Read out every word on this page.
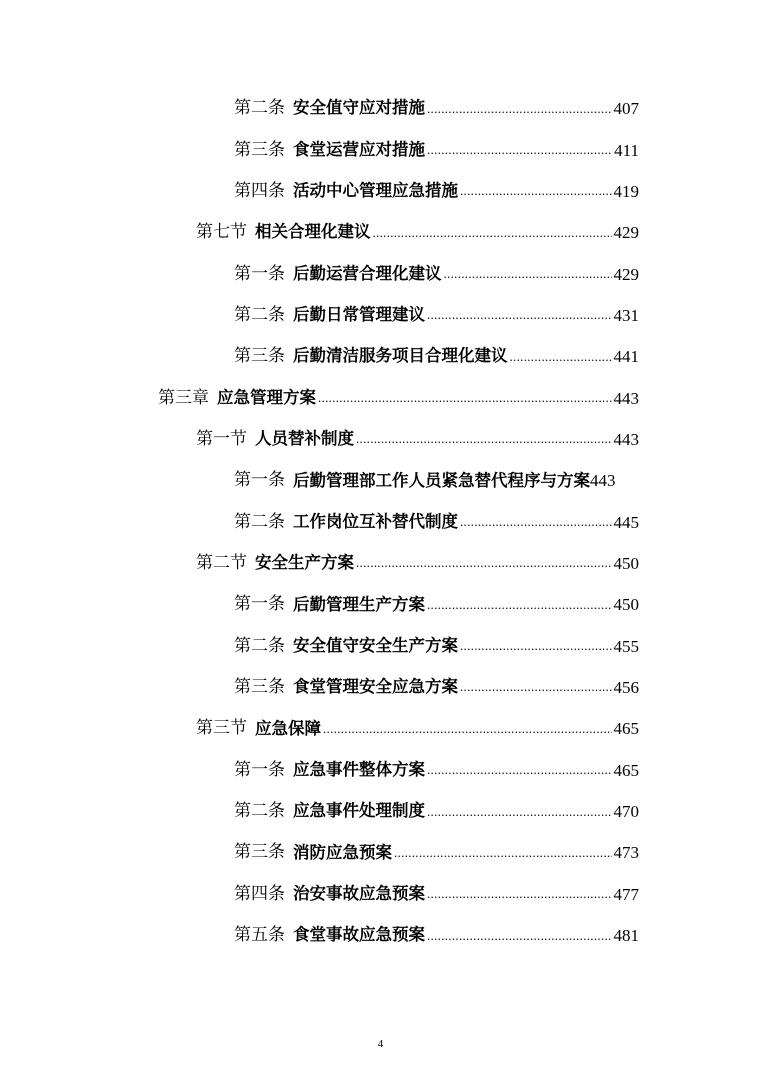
第二条 安全值守应对措施 .....	407
第三条 食堂运营应对措施 .....	411
第四条 活动中心管理应急措施 .....	419
第七节 相关合理化建议 .....	429
第一条 后勤运营合理化建议 .....	429
第二条 后勤日常管理建议 .....	431
第三条 后勤清洁服务项目合理化建议 .....	441
第三章 应急管理方案 .....	443
第一节 人员替补制度 .....	443
第一条 后勤管理部工作人员紧急替代程序与方案 443
第二条 工作岗位互补替代制度 .....	445
第二节 安全生产方案 .....	450
第一条 后勤管理生产方案 .....	450
第二条 安全值守安全生产方案 .....	455
第三条 食堂管理安全应急方案 .....	456
第三节 应急保障 .....	465
第一条 应急事件整体方案 .....	465
第二条 应急事件处理制度 .....	470
第三条 消防应急预案 .....	473
第四条 治安事故应急预案 .....	477
第五条 食堂事故应急预案 .....	481
4
